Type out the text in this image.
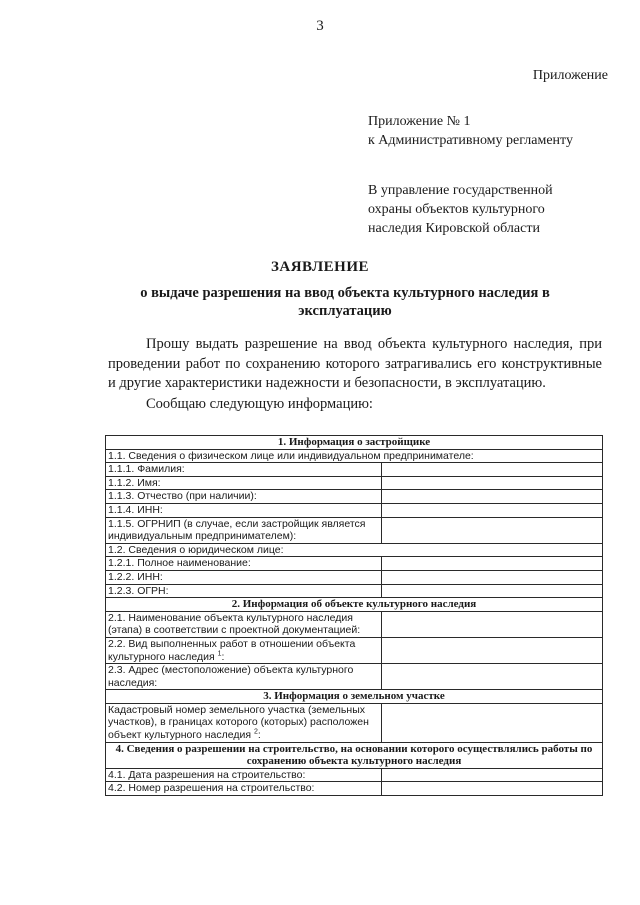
3
Приложение
Приложение № 1
к Административному регламенту
В управление государственной
охраны объектов культурного
наследия Кировской области
ЗАЯВЛЕНИЕ
о выдаче разрешения на ввод объекта культурного наследия в эксплуатацию

Прошу выдать разрешение на ввод объекта культурного наследия, при проведении работ по сохранению которого затрагивались его конструктивные и другие характеристики надежности и безопасности, в эксплуатацию.

Сообщаю следующую информацию:

1. Информация о застройщике	
1.1. Сведения о физическом лице или индивидуальном предпринимателе:	
1.1.1. Фамилия:	
1.1.2. Имя:	
1.1.3. Отчество (при наличии):	
1.1.4. ИНН:	
1.1.5. ОГРНИП (в случае, если застройщик является индивидуальным предпринимателем):	
1.2. Сведения о юридическом лице:	
1.2.1. Полное наименование:	
1.2.2. ИНН:	
1.2.3. ОГРН:	
2. Информация об объекте культурного наследия	
2.1. Наименование объекта культурного наследия (этапа) в соответствии с проектной документацией:	
2.2. Вид выполненных работ в отношении объекта культурного наследия $^1$:	
2.3. Адрес (местоположение) объекта культурного наследия:	
3. Информация о земельном участке	
Кадастровый номер земельного участка (земельных участков), в границах которого (которых) расположен объект культурного наследия $^2$:	
4. Сведения о разрешении на строительство, на основании которого осуществлялись работы по сохранению объекта культурного наследия	
4.1. Дата разрешения на строительство:	
4.2. Номер разрешения на строительство:	
